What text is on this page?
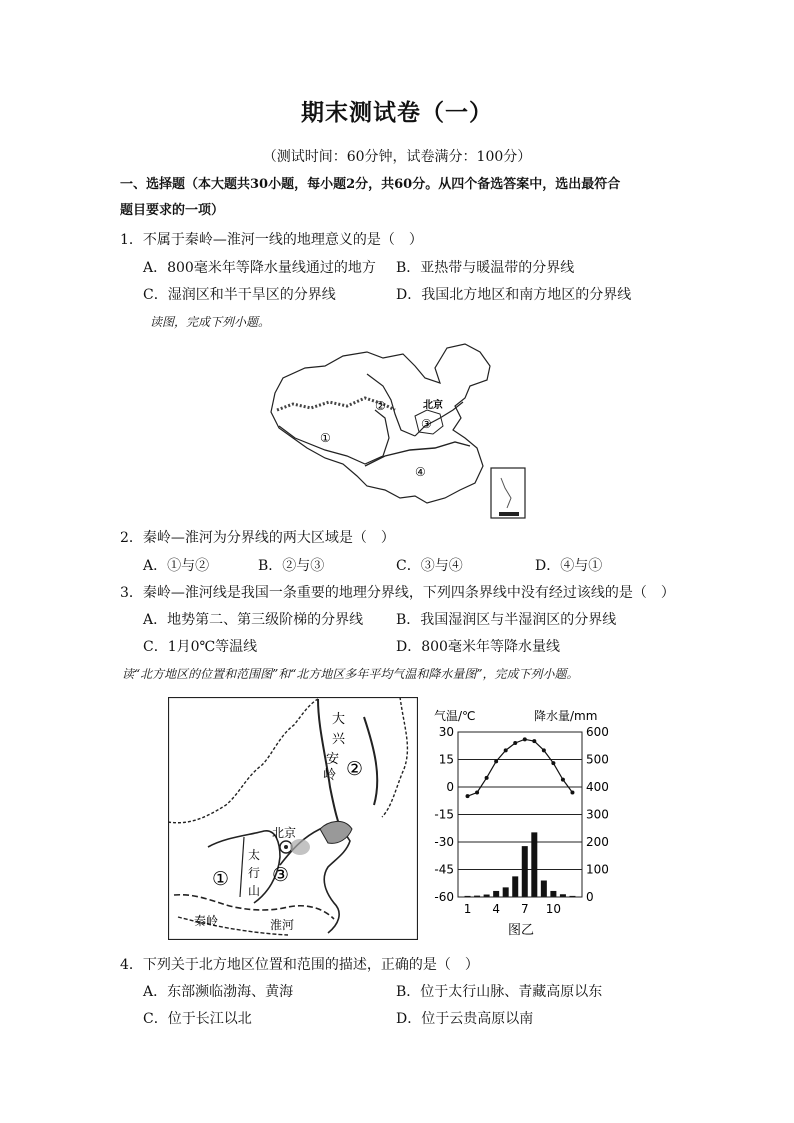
期末测试卷（一）
（测试时间：60分钟，试卷满分：100分）
一、选择题（本大题共30小题，每小题2分，共60分。从四个备选答案中，选出最符合
题目要求的一项）
1．不属于秦岭—淮河一线的地理意义的是（　）
A．800毫米年等降水量线通过的地方 B．亚热带与暖温带的分界线
C．湿润区和半干旱区的分界线	D．我国北方地区和南方地区的分界线
读图，完成下列小题。
①
②
③
④
北京
2．秦岭—淮河为分界线的两大区域是（　）
A．①与②	B．②与③	C．③与④	D．④与①
3．秦岭—淮河线是我国一条重要的地理分界线，下列四条界线中没有经过该线的是（　）
A．地势第二、第三级阶梯的分界线 B．我国湿润区与半湿润区的分界线
C．1月0℃等温线	D．800毫米年等降水量线
读“北方地区的位置和范围图”和“北方地区多年平均气温和降水量图”，完成下列小题。
大
兴
安
岭 ②
北京
太
行
山
① ③
秦岭	淮河
气温/℃	降水量/mm
30
15
0
-15
-30
-45
-60
600
500
400
300
200
100
0
1 4 7 10
图乙
4．下列关于北方地区位置和范围的描述，正确的是（　）
A．东部濒临渤海、黄海	B．位于太行山脉、青藏高原以东
C．位于长江以北	D．位于云贵高原以南
